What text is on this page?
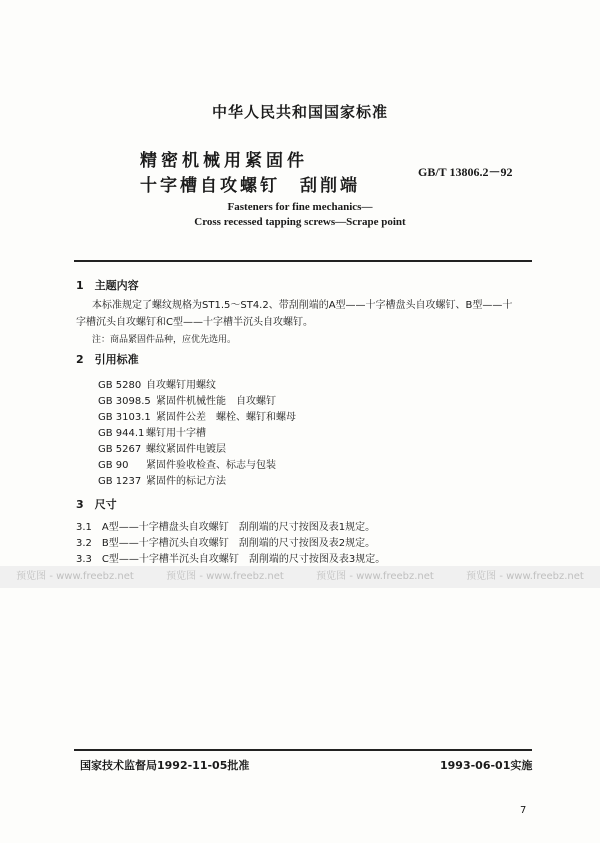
中华人民共和国国家标准
精密机械用紧固件
十字槽自攻螺钉　刮削端
GB/T 13806.2－92
Fasteners for fine mechanics—
Cross recessed tapping screws—Scrape point
1　主题内容
本标准规定了螺纹规格为ST1.5～ST4.2、带刮削端的A型——十字槽盘头自攻螺钉、B型——十
字槽沉头自攻螺钉和C型——十字槽半沉头自攻螺钉。
注：商品紧固件品种，应优先选用。
2　引用标准
GB 5280 自攻螺钉用螺纹
GB 3098.5 紧固件机械性能　自攻螺钉
GB 3103.1 紧固件公差　螺栓、螺钉和螺母
GB 944.1 螺钉用十字槽
GB 5267 螺纹紧固件电镀层
GB 90 紧固件验收检查、标志与包装
GB 1237 紧固件的标记方法
3　尺寸
3.1　A型——十字槽盘头自攻螺钉　刮削端的尺寸按图及表1规定。
3.2　B型——十字槽沉头自攻螺钉　刮削端的尺寸按图及表2规定。
3.3　C型——十字槽半沉头自攻螺钉　刮削端的尺寸按图及表3规定。
预览图 - www.freebz.net	预览图 - www.freebz.net	预览图 - www.freebz.net	预览图 - www.freebz.net
国家技术监督局1992-11-05批准	1993-06-01实施
7
